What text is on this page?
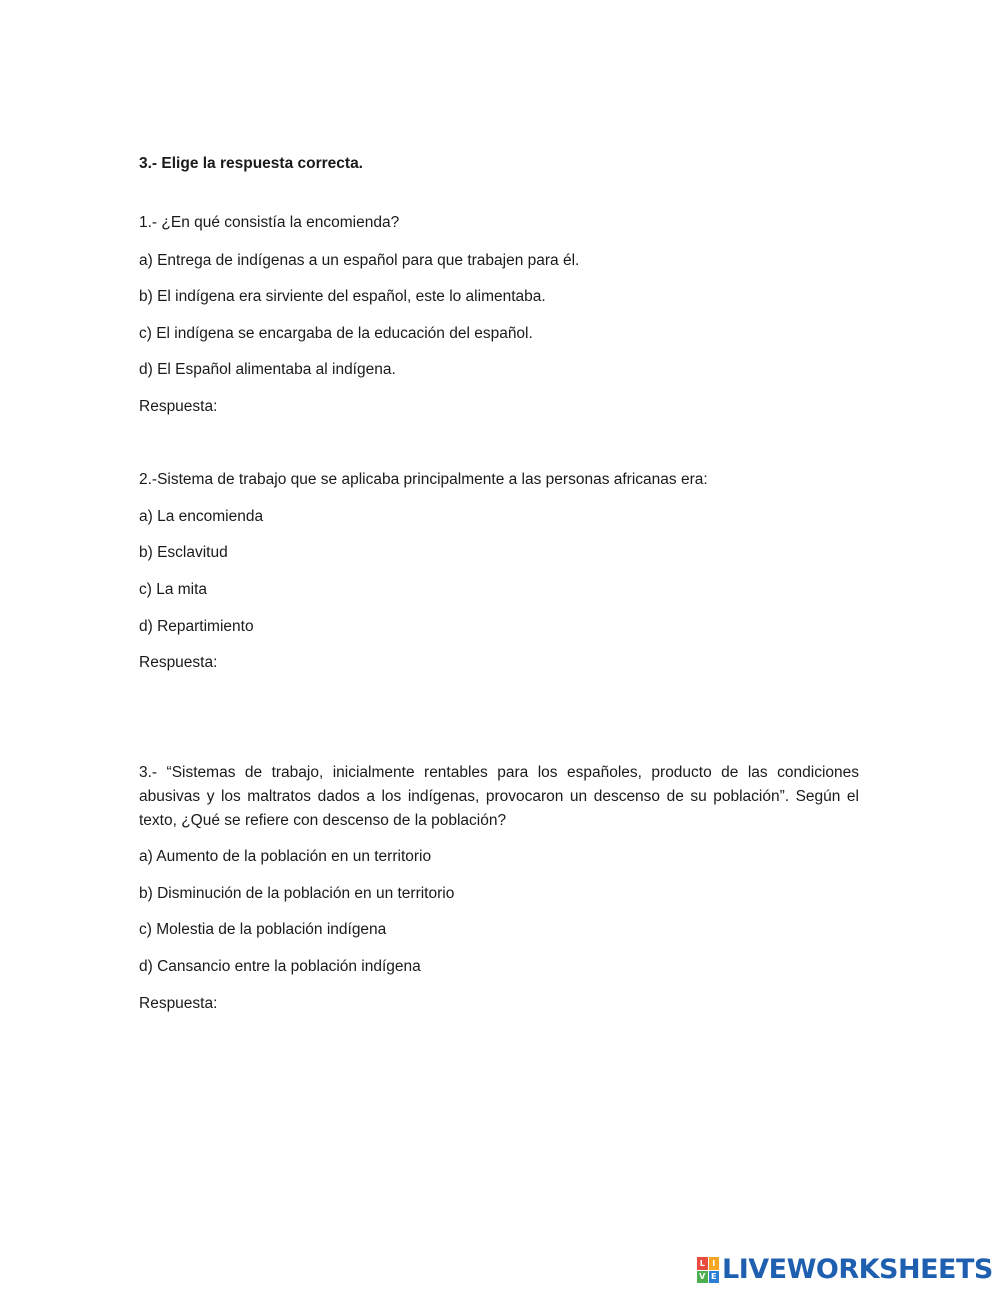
3.- Elige la respuesta correcta.
1.- ¿En qué consistía la encomienda?
a) Entrega de indígenas a un español para que trabajen para él.
b) El indígena era sirviente del español, este lo alimentaba.
c) El indígena se encargaba de la educación del español.
d) El Español alimentaba al indígena.
Respuesta:
2.-Sistema de trabajo que se aplicaba principalmente a las personas africanas era:
a) La encomienda
b) Esclavitud
c) La mita
d) Repartimiento
Respuesta:
3.- “Sistemas de trabajo, inicialmente rentables para los españoles, producto de las condiciones abusivas y los maltratos dados a los indígenas, provocaron un descenso de su población”. Según el texto, ¿Qué se refiere con descenso de la población?
a) Aumento de la población en un territorio
b) Disminución de la población en un territorio
c) Molestia de la población indígena
d) Cansancio entre la población indígena
Respuesta:
L I
V E LIVEWORKSHEETS
